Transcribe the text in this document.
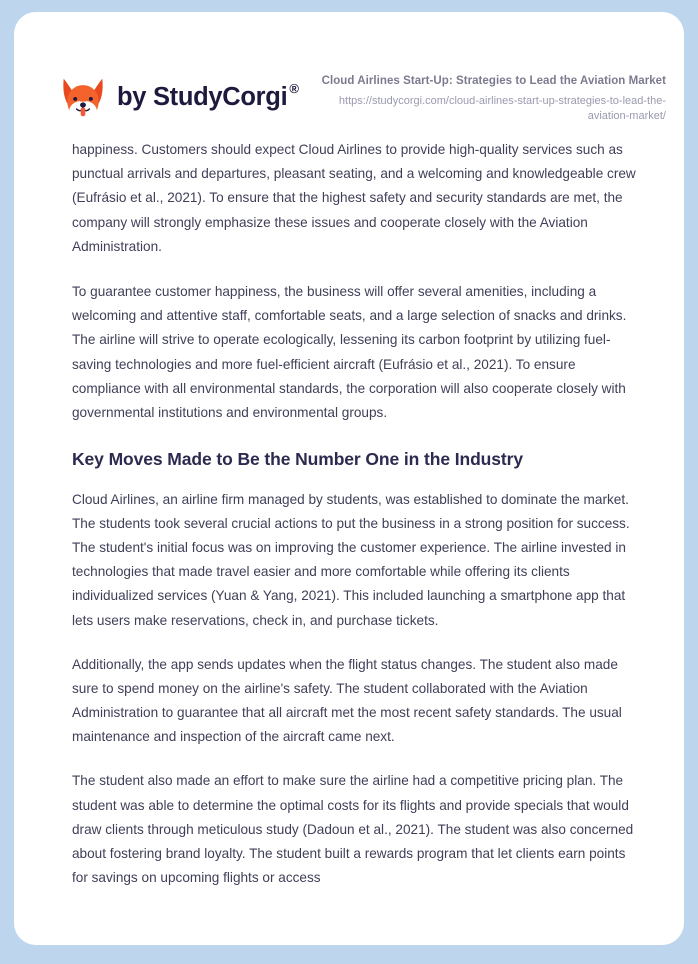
by StudyCorgi ®
Cloud Airlines Start-Up: Strategies to Lead the Aviation Market
https://studycorgi.com/cloud-airlines-start-up-strategies-to-lead-the-aviation-market/

happiness. Customers should expect Cloud Airlines to provide high-quality services such as punctual arrivals and departures, pleasant seating, and a welcoming and knowledgeable crew (Eufrásio et al., 2021). To ensure that the highest safety and security standards are met, the company will strongly emphasize these issues and cooperate closely with the Aviation Administration.

To guarantee customer happiness, the business will offer several amenities, including a welcoming and attentive staff, comfortable seats, and a large selection of snacks and drinks. The airline will strive to operate ecologically, lessening its carbon footprint by utilizing fuel-saving technologies and more fuel-efficient aircraft (Eufrásio et al., 2021). To ensure compliance with all environmental standards, the corporation will also cooperate closely with governmental institutions and environmental groups.

Key Moves Made to Be the Number One in the Industry

Cloud Airlines, an airline firm managed by students, was established to dominate the market. The students took several crucial actions to put the business in a strong position for success. The student's initial focus was on improving the customer experience. The airline invested in technologies that made travel easier and more comfortable while offering its clients individualized services (Yuan & Yang, 2021). This included launching a smartphone app that lets users make reservations, check in, and purchase tickets.

Additionally, the app sends updates when the flight status changes. The student also made sure to spend money on the airline's safety. The student collaborated with the Aviation Administration to guarantee that all aircraft met the most recent safety standards. The usual maintenance and inspection of the aircraft came next.

The student also made an effort to make sure the airline had a competitive pricing plan. The student was able to determine the optimal costs for its flights and provide specials that would draw clients through meticulous study (Dadoun et al., 2021). The student was also concerned about fostering brand loyalty. The student built a rewards program that let clients earn points for savings on upcoming flights or access
